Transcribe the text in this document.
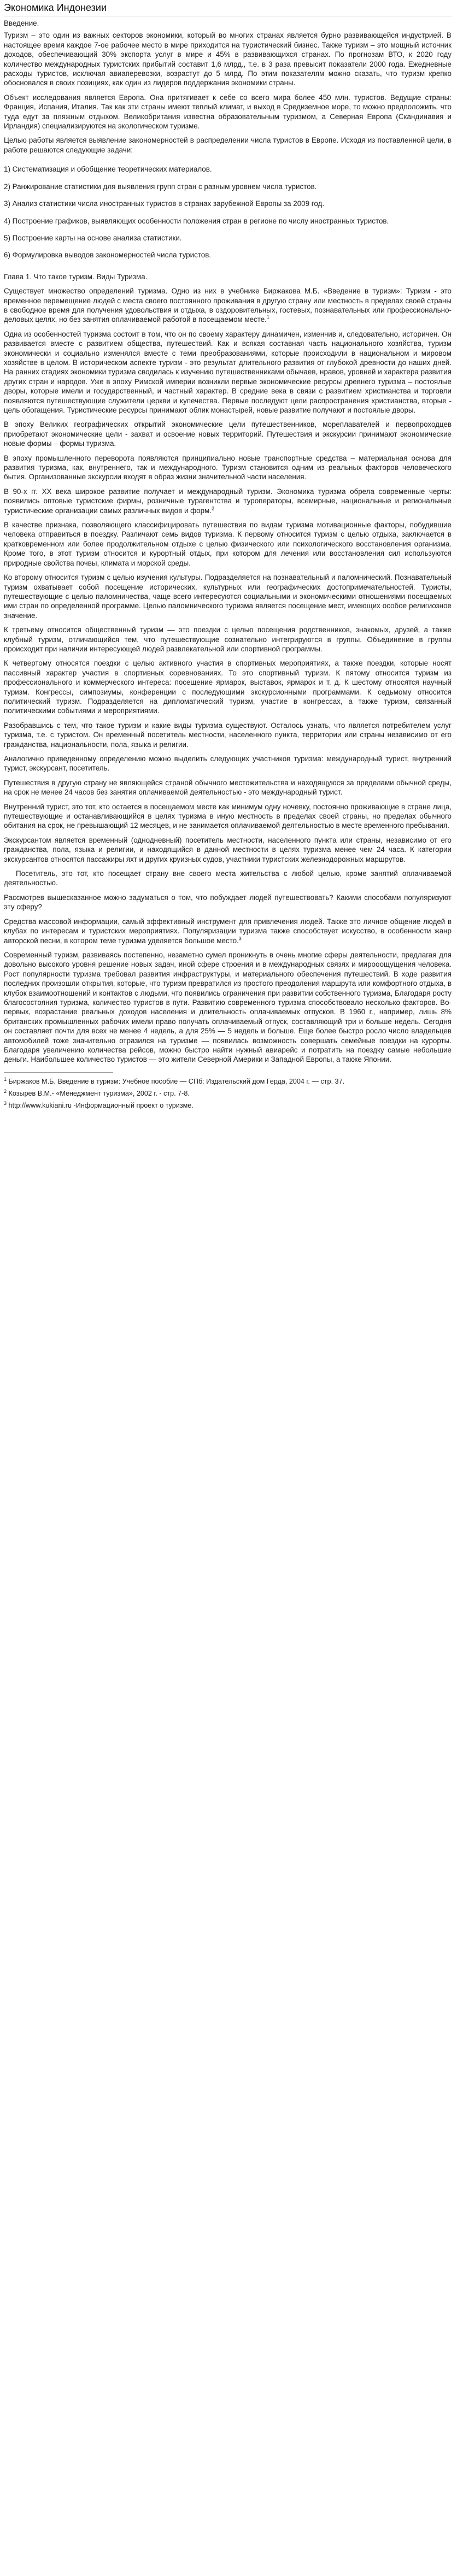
Экономика Индонезии
Введение.

Туризм – это один из важных секторов экономики, который во многих странах является бурно развивающейся индустрией. В настоящее время каждое 7-ое рабочее место в мире приходится на туристический бизнес. Также туризм – это мощный источник доходов, обеспечивающий 30% экспорта услуг в мире и 45% в развивающихся странах. По прогнозам ВТО, к 2020 году количество международных туристских прибытий составит 1,6 млрд., т.е. в 3 раза превысит показатели 2000 года. Ежедневные расходы туристов, исключая авиаперевозки, возрастут до 5 млрд. По этим показателям можно сказать, что туризм крепко обосновался в своих позициях, как один из лидеров поддержания экономики страны.

Объект исследования является Европа. Она притягивает к себе со всего мира более 450 млн. туристов. Ведущие страны: Франция, Испания, Италия. Так как эти страны имеют теплый климат, и выход в Средиземное море, то можно предположить, что туда едут за пляжным отдыхом. Великобритания известна образовательным туризмом, а Северная Европа (Скандинавия и Ирландия) специализируются на экологическом туризме.

Целью работы является выявление закономерностей в распределении числа туристов в Европе. Исходя из поставленной цели, в работе решаются следующие задачи:

1) Систематизация и обобщение теоретических материалов.

2) Ранжирование статистики для выявления групп стран с разным уровнем числа туристов.

3) Анализ статистики числа иностранных туристов в странах зарубежной Европы за 2009 год.

4) Построение графиков, выявляющих особенности положения стран в регионе по числу иностранных туристов.

5) Построение карты на основе анализа статистики.

6) Формулировка выводов закономерностей числа туристов.

Глава 1. Что такое туризм. Виды Туризма.

Существует множество определений туризма. Одно из них в учебнике Биржакова М.Б. «Введение в туризм»: Туризм - это временное перемещение людей с места своего постоянного проживания в другую страну или местность в пределах своей страны в свободное время для получения удовольствия и отдыха, в оздоровительных, гостевых, познавательных или профессионально-деловых целях, но без занятия оплачиваемой работой в посещаемом месте.$^1$

Одна из особенностей туризма состоит в том, что он по своему характеру динамичен, изменчив и, следовательно, историчен. Он развивается вместе с развитием общества, путешествий. Как и всякая составная часть национального хозяйства, туризм экономически и социально изменялся вместе с теми преобразованиями, которые происходили в национальном и мировом хозяйстве в целом. В историческом аспекте туризм - это результат длительного развития от глубокой древности до наших дней. На ранних стадиях экономики туризма сводилась к изучению путешественниками обычаев, нравов, уровней и характера развития других стран и народов. Уже в эпоху Римской империи возникли первые экономические ресурсы древнего туризма – постоялые дворы, которые имели и государственный, и частный характер. В средние века в связи с развитием христианства и торговли появляются путешествующие служители церкви и купечества. Первые последуют цели распространения христианства, вторые - цель обогащения. Туристические ресурсы принимают облик монастырей, новые развитие получают и постоялые дворы.

В эпоху Великих географических открытий экономические цели путешественников, мореплавателей и первопроходцев приобретают экономические цели - захват и освоение новых территорий. Путешествия и экскурсии принимают экономические новые формы – формы туризма.

В эпоху промышленного переворота появляются принципиально новые транспортные средства – материальная основа для развития туризма, как, внутреннего, так и международного. Туризм становится одним из реальных факторов человеческого бытия. Организованные экскурсии входят в образ жизни значительной части населения.

В 90-х гг. XX века широкое развитие получает и международный туризм. Экономика туризма обрела современные черты: появились оптовые туристские фирмы, розничные турагентства и туроператоры, всемирные, национальные и региональные туристические организации самых различных видов и форм.$^2$

В качестве признака, позволяющего классифицировать путешествия по видам туризма мотивационные факторы, побудившие человека отправиться в поездку. Различают семь видов туризма. К первому относится туризм с целью отдыха, заключается в кратковременном или более продолжительном отдыхе с целью физического или психологического восстановления организма. Кроме того, в этот туризм относится и курортный отдых, при котором для лечения или восстановления сил используются природные свойства почвы, климата и морской среды.

Ко второму относится туризм с целью изучения культуры. Подразделяется на познавательный и паломнический. Познавательный туризм охватывает собой посещение исторических, культурных или географических достопримечательностей. Туристы, путешествующие с целью паломничества, чаще всего интересуются социальными и экономическими отношениями посещаемых ими стран по определенной программе. Целью паломнического туризма является посещение мест, имеющих особое религиозное значение.

К третьему относится общественный туризм — это поездки с целью посещения родственников, знакомых, друзей, а также клубный туризм, отличающийся тем, что путешествующие сознательно интегрируются в группы. Объединение в группы происходит при наличии интересующей людей развлекательной или спортивной программы.

К четвертому относятся поездки с целью активного участия в спортивных мероприятиях, а также поездки, которые носят пассивный характер участия в спортивных соревнованиях. То это спортивный туризм. К пятому относится туризм из профессионального и коммерческого интереса: посещение ярмарок, выставок, ярмарок и т. д. К шестому относятся научный туризм. Конгрессы, симпозиумы, конференции с последующими экскурсионными программами. К седьмому относится политический туризм. Подразделяется на дипломатический туризм, участие в конгрессах, а также туризм, связанный политическими событиями и мероприятиями.

Разобравшись с тем, что такое туризм и какие виды туризма существуют. Осталось узнать, что является потребителем услуг туризма, т.е. с туристом. Он временный посетитель местности, населенного пункта, территории или страны независимо от его гражданства, национальности, пола, языка и религии.

Аналогично приведенному определению можно выделить следующих участников туризма: международный турист, внутренний турист, экскурсант, посетитель.

Путешествия в другую страну не являющейся страной обычного местожительства и находящуюся за пределами обычной среды, на срок не менее 24 часов без занятия оплачиваемой деятельностью - это международный турист.

Внутренний турист, это тот, кто остается в посещаемом месте как минимум одну ночевку, постоянно проживающие в стране лица, путешествующие и останавливающийся в целях туризма в иную местность в пределах своей страны, но пределах обычного обитания на срок, не превышающий 12 месяцев, и не занимается оплачиваемой деятельностью в месте временного пребывания.

Экскурсантом является временный (однодневный) посетитель местности, населенного пункта или страны, независимо от его гражданства, пола, языка и религии, и находящийся в данной местности в целях туризма менее чем 24 часа. К категории экскурсантов относятся пассажиры яхт и других круизных судов, участники туристских железнодорожных маршрутов.

Посетитель, это тот, кто посещает страну вне своего места жительства с любой целью, кроме занятий оплачиваемой деятельностью.

Рассмотрев вышесказанное можно задуматься о том, что побуждает людей путешествовать? Какими способами популяризуют эту сферу?

Средства массовой информации, самый эффективный инструмент для привлечения людей. Также это личное общение людей в клубах по интересам и туристских мероприятиях. Популяризации туризма также способствует искусство, в особенности жанр авторской песни, в котором теме туризма уделяется большое место.$^3$

Современный туризм, развиваясь постепенно, незаметно сумел проникнуть в очень многие сферы деятельности, предлагая для довольно высокого уровня решение новых задач, иной сфере строения и в международных связях и мирооощущения человека. Рост популярности туризма требовал развития инфраструктуры, и материального обеспечения путешествий. В ходе развития последних произошли открытия, которые, что туризм превратился из простого преодоления маршрута или комфортного отдыха, в клубок взаимоотношений и контактов с людьми, что появились ограничения при развитии собственного туризма, Благодаря росту благосостояния туризма, количество туристов в пути. Развитию современного туризма способствовало несколько факторов. Во-первых, возрастание реальных доходов населения и длительность оплачиваемых отпусков. В 1960 г., например, лишь 8% британских промышленных рабочих имели право получать оплачиваемый отпуск, составляющий три и больше недель. Сегодня он составляет почти для всех не менее 4 недель, а для 25% — 5 недель и больше. Еще более быстро росло число владельцев автомобилей тоже значительно отразился на туризме — появилась возможность совершать семейные поездки на курорты. Благодаря увеличению количества рейсов, можно быстро найти нужный авиарейс и потратить на поездку самые небольшие деньги. Наибольшее количество туристов — это жители Северной Америки и Западной Европы, а также Японии.

$^1$ Биржаков М.Б. Введение в туризм: Учебное пособие — СПб: Издательский дом Герда, 2004 г. — стр. 37.

$^2$ Козырев В.М.- «Менеджмент туризма», 2002 г. - стр. 7-8.

$^3$ http://www.kukiani.ru -Информационный проект о туризме.
